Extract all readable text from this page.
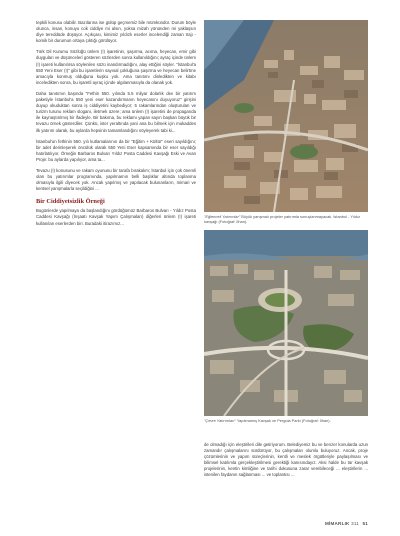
tepkili konusu olabilir. Bazılarına ise gülüp geçmemiz bile mümkündür. Durum böyle olunca, insan, konuyu cok ciddiye mi alsın, yoksa mizah yönünden mi yaklaşsın diye tereddüde düşüyor. Açıkçası, kimimiz yıldızlı eserler incelendiği zaman trajı - komik bir durumun ortaya çıktığı görülüyor.

Türk Dil Kurumu Sözlüğü ünlem (!) işaretinin, şaşırma, acıma, heyecan, emir gibi duyguları ve düşünceleri gösteren sözlerden sonra kullanıldığını; ayraç içinde ünlem (!) işareti kullanılırsa söylenilen sözü inandırmadığını, alay ettiğini söyler. "İstanbul'a 550 Yeni Eser (!)" gibi bu işaretlerin sayısal çokluğuna şaşırma ve heyecan belirtme amacıyla konmuş olduğuna kuşku yok. Ama tanıtımı dinledikten ve kitabı inceledikten sonra, bu işaretli ayraç içinde algılanmasıyla da olanak yok.

Daha tanıtımın başında "Fethin 550. yılında 5.5 milyar dolarlık dev bir yatırım paketiyle İstanbul'a 550 yeni eser kazandırmanın heyecanını duyuyoruz" girişini duyup okuduktan sonra iş ciddiyetini kaybediyor; 5 rakamlarından oluşturulan ve turizm turunu reklam sloganı, iletmek üzere; ama ünlem (!) işaretini de propaganda ile kaynaştırılmış bir ifadeyle. Bir bakıma, bu reklamı yapan sayın başkan büyük bir tevazu örnek gösterdiler. Çünkü, ister yeraltında yani ana bu bilmek için mukaddes ilk yatırım olarak, bu aylarda hepsinin tamamlandığını söyleyerek tabi ki...

İstanbul'un fethinin 550. yılı kutlamalarının da bir "Eğitim + Kültür" eseri sayıldığını; bir adet derinleşerek öncülük olarak 550 Yeni Eser kapsamında bir eser sayıldığı hatırlatılıyor. Örneğin Barbaros Bulvarı Yıldız Posta Caddesi Kavşağı Eski ve Avan Proje: bu aylarda yapılıyor, ama ta...

Tevazu (!) konusunu ve rakam oyununu bir tarafa bırakalım; İstanbul için çok önemli olan bu yatırımlar programında, yapılmamın belli başlıklar altında toplanma olmasıyla ilgili diyecek yok. Ancak yapılmış ve yapılacak bulunanların, mimari ve kentsel yarışmalarla seçildiğini ...

Bir Ciddiyetsizlik Örneği

Bugünlerde yapılmaya da başlandığını gördüğümüz Barbaros Bulvarı - Yıldız Posta Caddesi Kavşağı (İnşaatı Kavşak Yapım Çalışmaları) diğerleri ünlem (!) işareti kullanılan eserlerden biri. Buradaki itirazımız...

"Eğlenceli Yatırımlar" Büyük yarışmalı projeler yatırımla sonuçlanmayacak. İstanbul - Yıldız kavşağı (Fotoğraf: İlhan).
"Çevre Yatırımları" Yapılmamış Kavşak ve Pergola Parkı (Fotoğraf: İlhan).

de olmadığı için eleştirileri dile getiriyorum. Belediyemiz bu ve benzer konularda uzun zamandır çalışmalarını sürdürüyor, bu çalışmaları olumlu buluyoruz. Ancak, proje çözümlerinin ve yapım süreçlerinin, kentli ve meslek örgütleriyle paylaşılması ve bilimsel katılımla gerçekleştirilmesi gerektiği kanısındayız. Aksi halde bu tür kavşak projelerinin, kentin kimliğine ve tarihi dokusuna zarar verebileceği ... eleştirilerin ... istenilen faydanın sağlanması ... ve toplantısı ...

MİMARLIK 311 51
